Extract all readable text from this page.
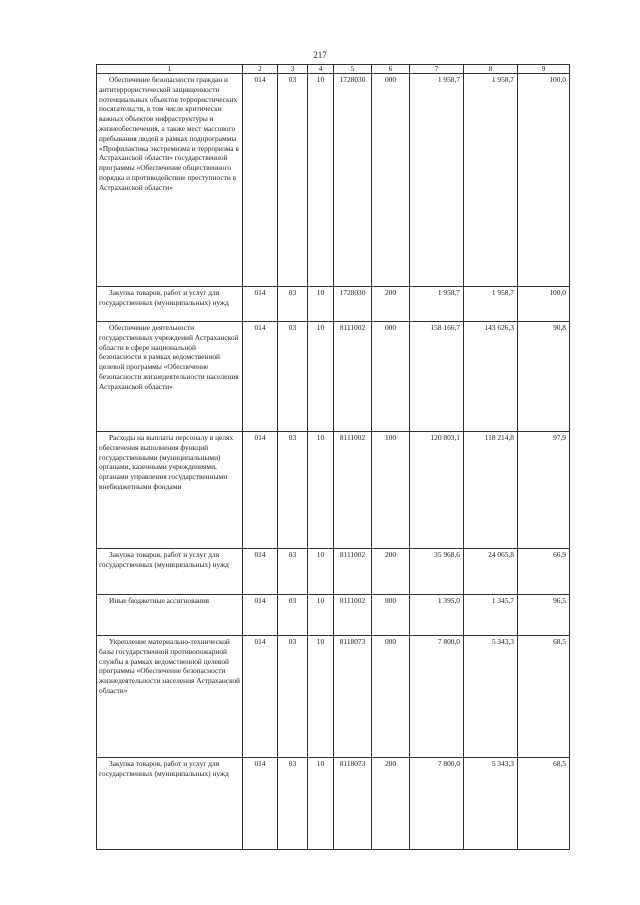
217
1	2	3	4	5	6	7	8	9
Обеспечение безопасности граждан и антитеррористической защищенности потенциальных объектов террористических посягательств, в том числе критически важных объектов инфраструктуры и жизнеобеспечения, а также мест массового пребывания людей в рамках подпрограммы «Профилактика экстремизма и терроризма в Астраханской области» государственной программы «Обеспечение общественного порядка и противодействие преступности в Астраханской области»	014	03	10	1728030	000	1 958,7	1 958,7	100,0
Закупка товаров, работ и услуг для государственных (муниципальных) нужд	014	03	10	1728030	200	1 958,7	1 958,7	100,0
Обеспечение деятельности государственных учреждений Астраханской области в сфере национальной безопасности в рамках ведомственной целевой программы «Обеспечение безопасности жизнедеятельности населения Астраханской области»	014	03	10	8111002	000	158 166,7	143 626,3	90,8
Расходы на выплаты персоналу в целях обеспечения выполнения функций государственными (муниципальными) органами, казенными учреждениями, органами управления государственными внебюджетными фондами	014	03	10	8111002	100	120 803,1	118 214,8	97,9
Закупка товаров, работ и услуг для государственных (муниципальных) нужд	014	03	10	8111002	200	35 968,6	24 065,8	66,9
Иные бюджетные ассигнования	014	03	10	8111002	800	1 395,0	1 345,7	96,5
Укрепление материально-технической базы государственной противопожарной службы в рамках ведомственной целевой программы «Обеспечение безопасности жизнедеятельности населения Астраханской области»	014	03	10	8118073	000	7 800,0	5 343,3	68,5
Закупка товаров, работ и услуг для государственных (муниципальных) нужд	014	03	10	8118073	200	7 800,0	5 343,3	68,5
